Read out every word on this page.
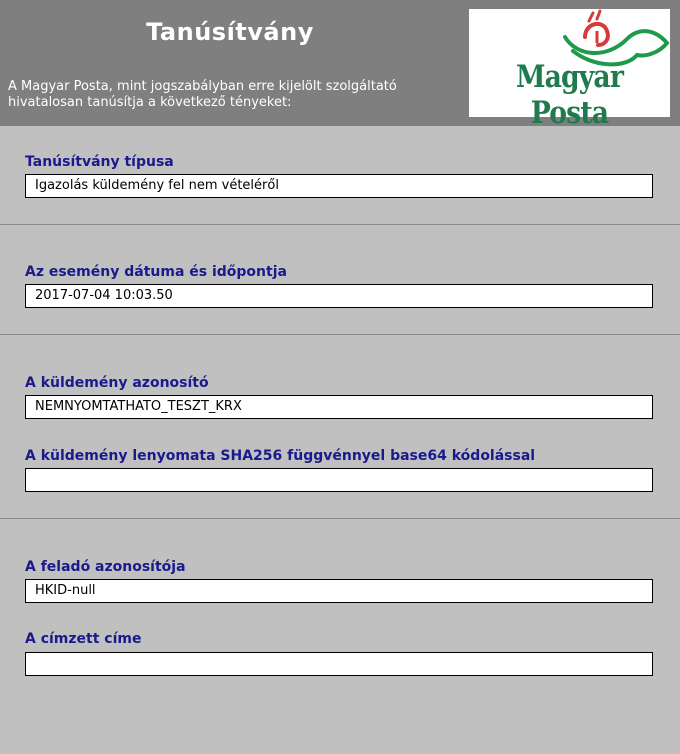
Tanúsítvány
A Magyar Posta, mint jogszabályban erre kijelölt szolgáltató
hivatalosan tanúsítja a következő tényeket:
Magyar Posta
Tanúsítvány típusa
Igazolás küldemény fel nem vételéről
Az esemény dátuma és időpontja
2017-07-04 10:03.50
A küldemény azonosító
NEMNYOMTATHATO_TESZT_KRX
A küldemény lenyomata SHA256 függvénnyel base64 kódolással
A feladó azonosítója
HKID-null
A címzett címe
